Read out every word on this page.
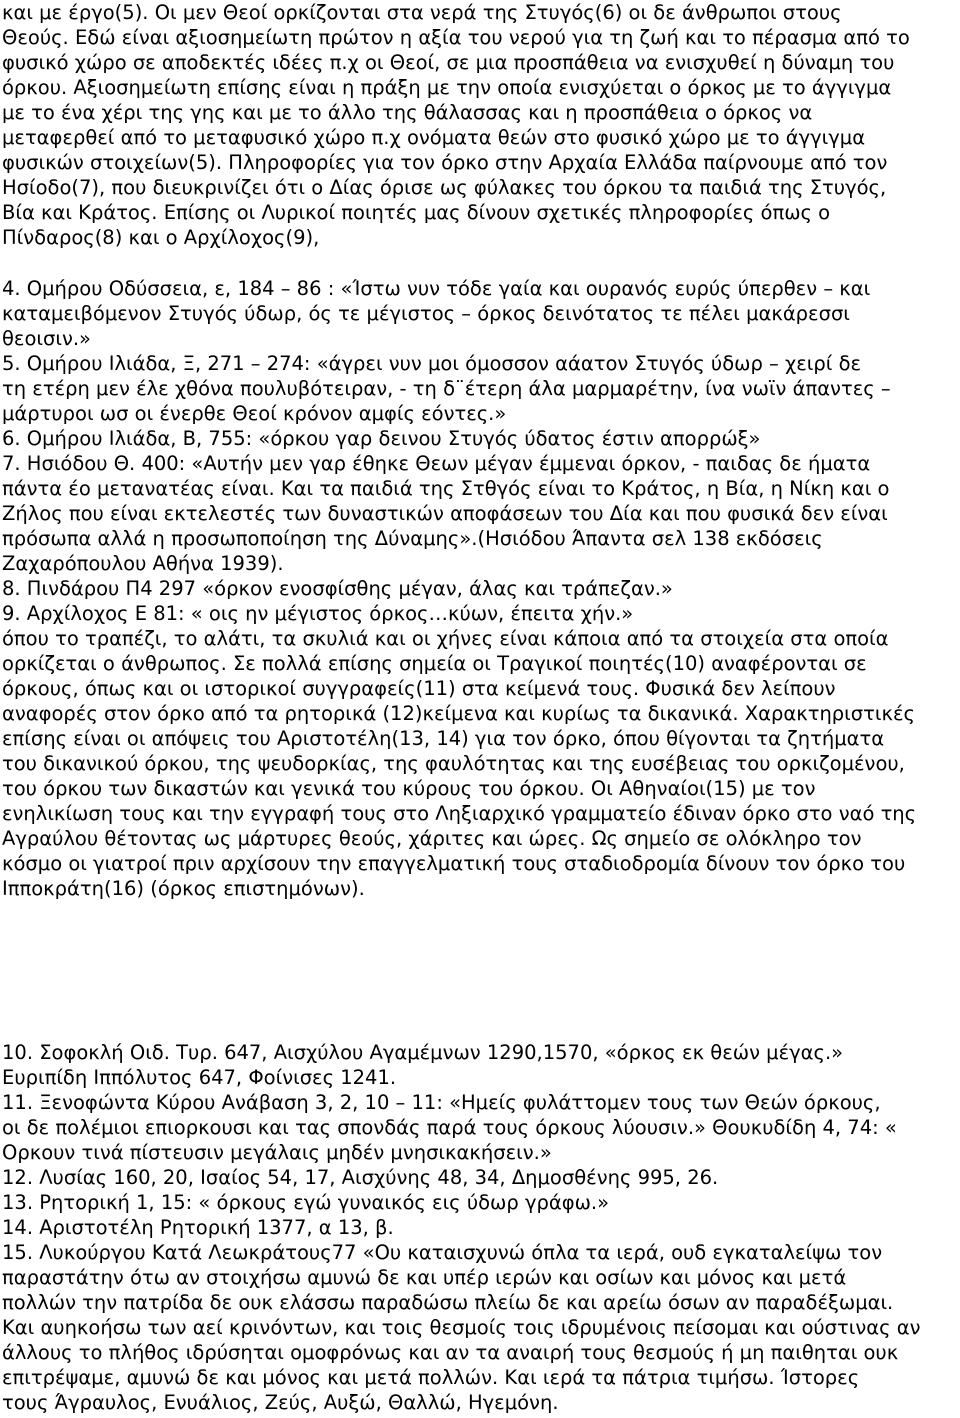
και με έργο(5). Οι μεν Θεοί ορκίζονται στα νερά της Στυγός(6) οι δε άνθρωποι στους
Θεούς. Εδώ είναι αξιοσημείωτη πρώτον η αξία του νερού για τη ζωή και το πέρασμα από το
φυσικό χώρο σε αποδεκτές ιδέες π.χ οι Θεοί, σε μια προσπάθεια να ενισχυθεί η δύναμη του
όρκου. Αξιοσημείωτη επίσης είναι η πράξη με την οποία ενισχύεται ο όρκος με το άγγιγμα
με το ένα χέρι της γης και με το άλλο της θάλασσας και η προσπάθεια ο όρκος να
μεταφερθεί από το μεταφυσικό χώρο π.χ ονόματα θεών στο φυσικό χώρο με το άγγιγμα
φυσικών στοιχείων(5). Πληροφορίες για τον όρκο στην Αρχαία Ελλάδα παίρνουμε από τον
Ησίοδο(7), που διευκρινίζει ότι ο Δίας όρισε ως φύλακες του όρκου τα παιδιά της Στυγός,
Βία και Κράτος. Επίσης οι Λυρικοί ποιητές μας δίνουν σχετικές πληροφορίες όπως ο
Πίνδαρος(8) και ο Αρχίλοχος(9),
4. Ομήρου Οδύσσεια, ε, 184 – 86 : «Ίστω νυν τόδε γαία και ουρανός ευρύς ύπερθεν – και
καταμειβόμενον Στυγός ύδωρ, ός τε μέγιστος – όρκος δεινότατος τε πέλει μακάρεσσι
θεοισιν.»
5. Ομήρου Ιλιάδα, Ξ, 271 – 274: «άγρει νυν μοι όμοσσον αάατον Στυγός ύδωρ – χειρί δε
τη ετέρη μεν έλε χθόνα πουλυβότειραν, - τη δ¨έτερη άλα μαρμαρέτην, ίνα νωϊν άπαντες –
μάρτυροι ωσ οι ένερθε Θεοί κρόνον αμφίς εόντες.»
6. Ομήρου Ιλιάδα, Β, 755: «όρκου γαρ δεινου Στυγός ύδατος έστιν απορρώξ»
7. Ησιόδου Θ. 400: «Αυτήν μεν γαρ έθηκε Θεων μέγαν έμμεναι όρκον, - παιδας δε ήματα
πάντα έο μετανατέας είναι. Και τα παιδιά της Στθγός είναι το Κράτος, η Βία, η Νίκη και ο
Ζήλος που είναι εκτελεστές των δυναστικών αποφάσεων του Δία και που φυσικά δεν είναι
πρόσωπα αλλά η προσωποποίηση της Δύναμης».(Ησιόδου Άπαντα σελ 138 εκδόσεις
Ζαχαρόπουλου Αθήνα 1939).
8. Πινδάρου Π4 297 «όρκον ενοσφίσθης μέγαν, άλας και τράπεζαν.»
9. Αρχίλοχος Ε 81: « οις ην μέγιστος όρκος…κύων, έπειτα χήν.»
όπου το τραπέζι, το αλάτι, τα σκυλιά και οι χήνες είναι κάποια από τα στοιχεία στα οποία
ορκίζεται ο άνθρωπος. Σε πολλά επίσης σημεία οι Τραγικοί ποιητές(10) αναφέρονται σε
όρκους, όπως και οι ιστορικοί συγγραφείς(11) στα κείμενά τους. Φυσικά δεν λείπουν
αναφορές στον όρκο από τα ρητορικά (12)κείμενα και κυρίως τα δικανικά. Χαρακτηριστικές
επίσης είναι οι απόψεις του Αριστοτέλη(13, 14) για τον όρκο, όπου θίγονται τα ζητήματα
του δικανικού όρκου, της ψευδορκίας, της φαυλότητας και της ευσέβειας του ορκιζομένου,
του όρκου των δικαστών και γενικά του κύρους του όρκου. Οι Αθηναίοι(15) με τον
ενηλικίωση τους και την εγγραφή τους στο Ληξιαρχικό γραμματείο έδιναν όρκο στο ναό της
Αγραύλου θέτοντας ως μάρτυρες θεούς, χάριτες και ώρες. Ως σημείο σε ολόκληρο τον
κόσμο οι γιατροί πριν αρχίσουν την επαγγελματική τους σταδιοδρομία δίνουν τον όρκο του
Ιπποκράτη(16) (όρκος επιστημόνων).
10. Σοφοκλή Οιδ. Τυρ. 647, Αισχύλου Αγαμέμνων 1290,1570, «όρκος εκ θεών μέγας.»
Ευριπίδη Ιππόλυτος 647, Φοίνισες 1241.
11. Ξενοφώντα Κύρου Ανάβαση 3, 2, 10 – 11: «Ημείς φυλάττομεν τους των Θεών όρκους,
οι δε πολέμιοι επιορκουσι και τας σπονδάς παρά τους όρκους λύουσιν.» Θουκυδίδη 4, 74: «
Ορκουν τινά πίστευσιν μεγάλαις μηδέν μνησικακήσειν.»
12. Λυσίας 160, 20, Ισαίος 54, 17, Αισχύνης 48, 34, Δημοσθένης 995, 26.
13. Ρητορική 1, 15: « όρκους εγώ γυναικός εις ύδωρ γράφω.»
14. Αριστοτέλη Ρητορική 1377, α 13, β.
15. Λυκούργου Κατά Λεωκράτους77 «Ου καταισχυνώ όπλα τα ιερά, ουδ εγκαταλείψω τον
παραστάτην ότω αν στοιχήσω αμυνώ δε και υπέρ ιερών και οσίων και μόνος και μετά
πολλών την πατρίδα δε ουκ ελάσσω παραδώσω πλείω δε και αρείω όσων αν παραδέξωμαι.
Και αυηκοήσω των αεί κρινόντων, και τοις θεσμοίς τοις ιδρυμένοις πείσομαι και ούστινας αν
άλλους το πλήθος ιδρύσηται ομοφρόνως και αν τα αναιρή τους θεσμούς ή μη παιθηται ουκ
επιτρέψαμε, αμυνώ δε και μόνος και μετά πολλών. Και ιερά τα πάτρια τιμήσω. Ίστορες
τους Άγραυλος, Ενυάλιος, Ζεύς, Αυξώ, Θαλλώ, Ηγεμόνη.
